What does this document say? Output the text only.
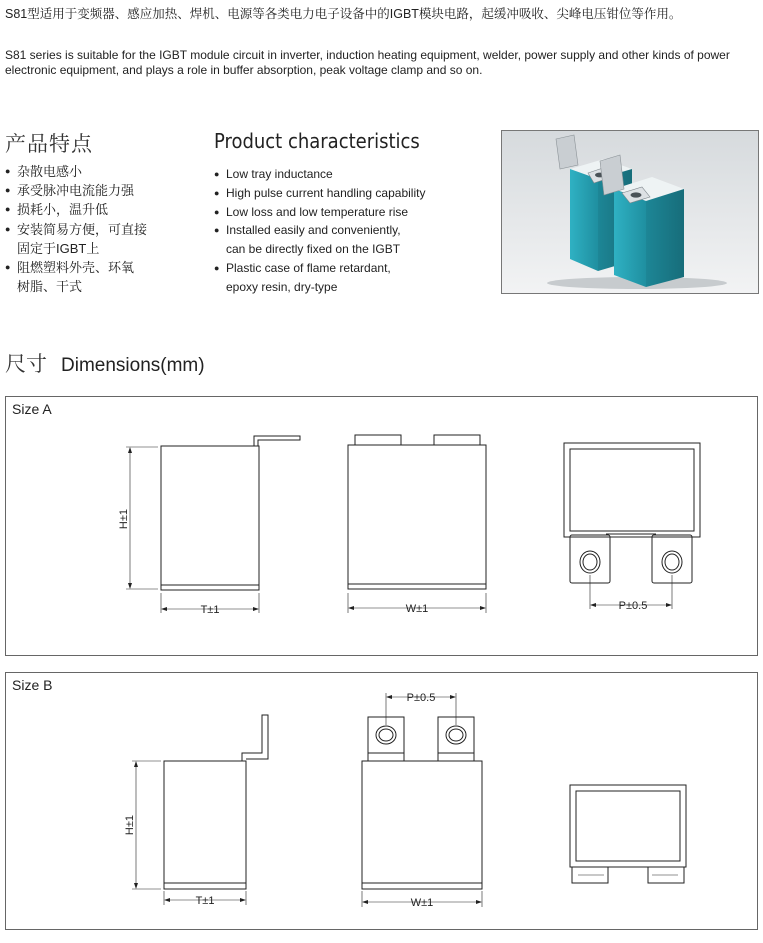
S81型适用于变频器、感应加热、焊机、电源等各类电力电子设备中的IGBT模块电路，起缓冲吸收、尖峰电压钳位等作用。
S81 series is suitable for the IGBT module circuit in inverter, induction heating equipment, welder, power supply and other kinds of power electronic equipment, and plays a role in buffer absorption, peak voltage clamp and so on.
产品特点	Product characteristics
● 杂散电感小
● 承受脉冲电流能力强
● 损耗小，温升低
● 安装简易方便，可直接
固定于IGBT上
● 阻燃塑料外壳、环氧
树脂、干式
● Low tray inductance
● High pulse current handling capability
● Low loss and low temperature rise
● Installed easily and conveniently,
can be directly fixed on the IGBT
● Plastic case of flame retardant,
epoxy resin, dry-type
尺寸 Dimensions(mm)
Size A
H±1
T±1	W±1	P±0.5
Size B
H±1
T±1
P±0.5
W±1
